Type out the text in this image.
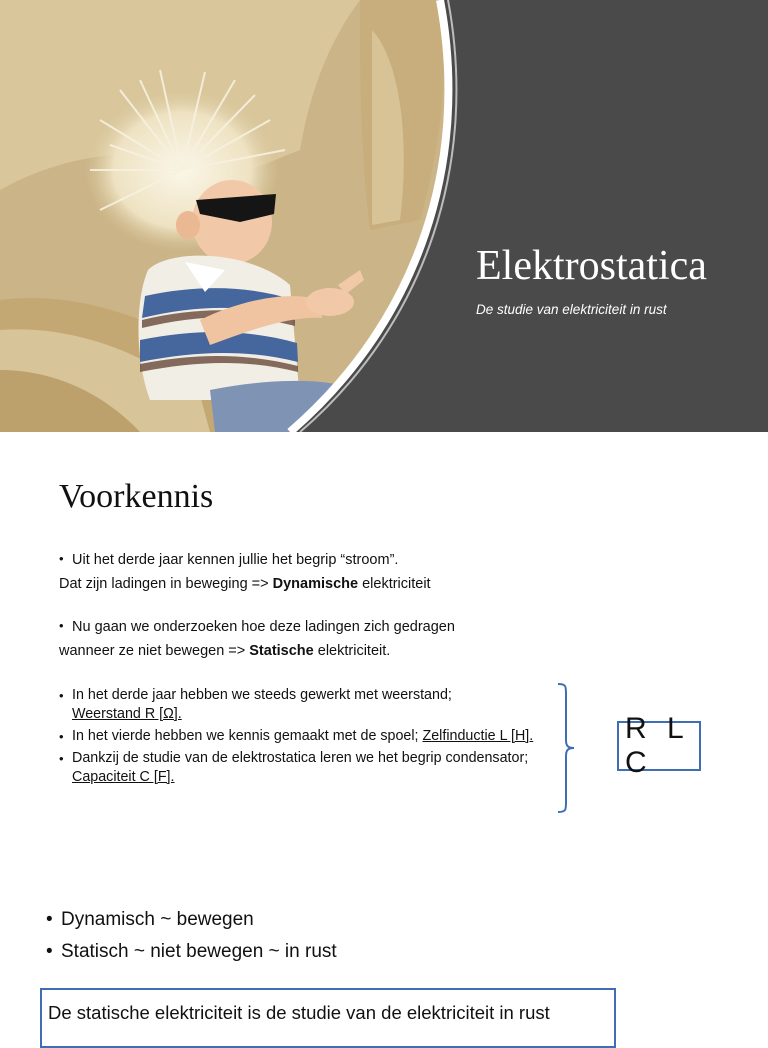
Elektrostatica

De studie van elektriciteit in rust

Voorkennis
• Uit het derde jaar kennen jullie het begrip “stroom”.
Dat zijn ladingen in beweging => Dynamische elektriciteit
• Nu gaan we onderzoeken hoe deze ladingen zich gedragen
wanneer ze niet bewegen => Statische elektriciteit.
• In het derde jaar hebben we steeds gewerkt met weerstand;
Weerstand R [Ω].
• In het vierde hebben we kennis gemaakt met de spoel; Zelfinductie L [H].
• Dankzij de studie van de elektrostatica leren we het begrip condensator;
Capaciteit C [F].
R L C
• Dynamisch ~ bewegen
• Statisch ~ niet bewegen ~ in rust
De statische elektriciteit is de studie van de elektriciteit in rust
